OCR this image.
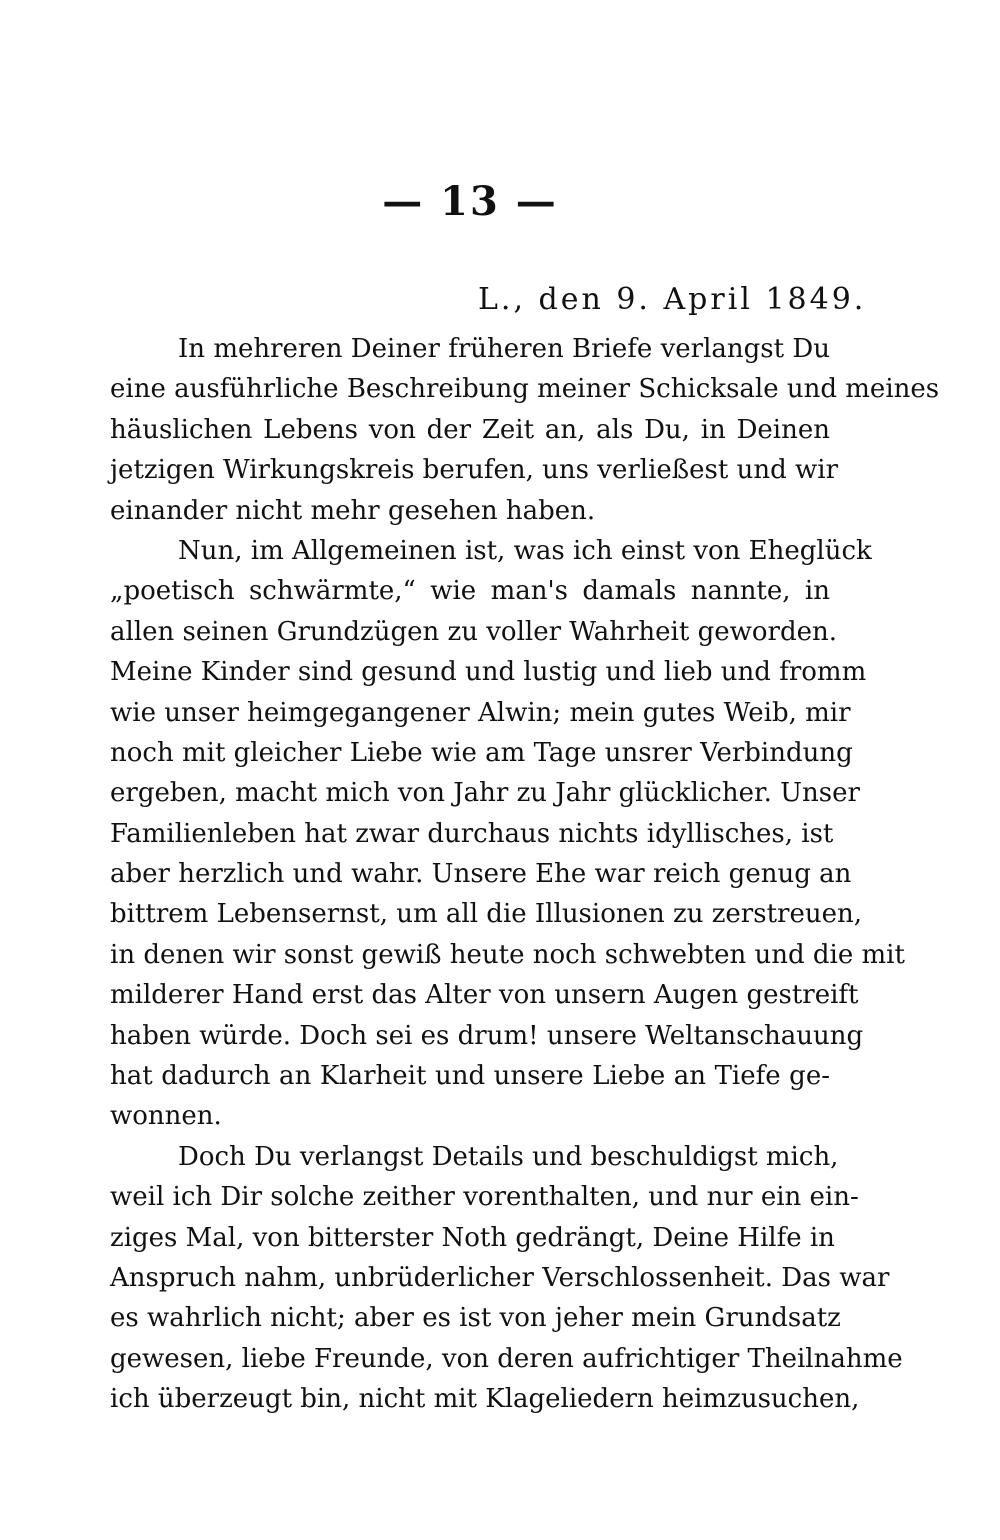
— 13 —
L., den 9. April 1849.
In mehreren Deiner früheren Briefe verlangst Du
eine ausführliche Beschreibung meiner Schicksale und meines
häuslichen Lebens von der Zeit an, als Du, in Deinen
jetzigen Wirkungskreis berufen, uns verließest und wir
einander nicht mehr gesehen haben.
Nun, im Allgemeinen ist, was ich einst von Eheglück
„poetisch schwärmte,“ wie man's damals nannte, in
allen seinen Grundzügen zu voller Wahrheit geworden.
Meine Kinder sind gesund und lustig und lieb und fromm
wie unser heimgegangener Alwin; mein gutes Weib, mir
noch mit gleicher Liebe wie am Tage unsrer Verbindung
ergeben, macht mich von Jahr zu Jahr glücklicher. Unser
Familienleben hat zwar durchaus nichts idyllisches, ist
aber herzlich und wahr. Unsere Ehe war reich genug an
bittrem Lebensernst, um all die Illusionen zu zerstreuen,
in denen wir sonst gewiß heute noch schwebten und die mit
milderer Hand erst das Alter von unsern Augen gestreift
haben würde. Doch sei es drum! unsere Weltanschauung
hat dadurch an Klarheit und unsere Liebe an Tiefe ge-
wonnen.
Doch Du verlangst Details und beschuldigst mich,
weil ich Dir solche zeither vorenthalten, und nur ein ein-
ziges Mal, von bitterster Noth gedrängt, Deine Hilfe in
Anspruch nahm, unbrüderlicher Verschlossenheit. Das war
es wahrlich nicht; aber es ist von jeher mein Grundsatz
gewesen, liebe Freunde, von deren aufrichtiger Theilnahme
ich überzeugt bin, nicht mit Klageliedern heimzusuchen,
